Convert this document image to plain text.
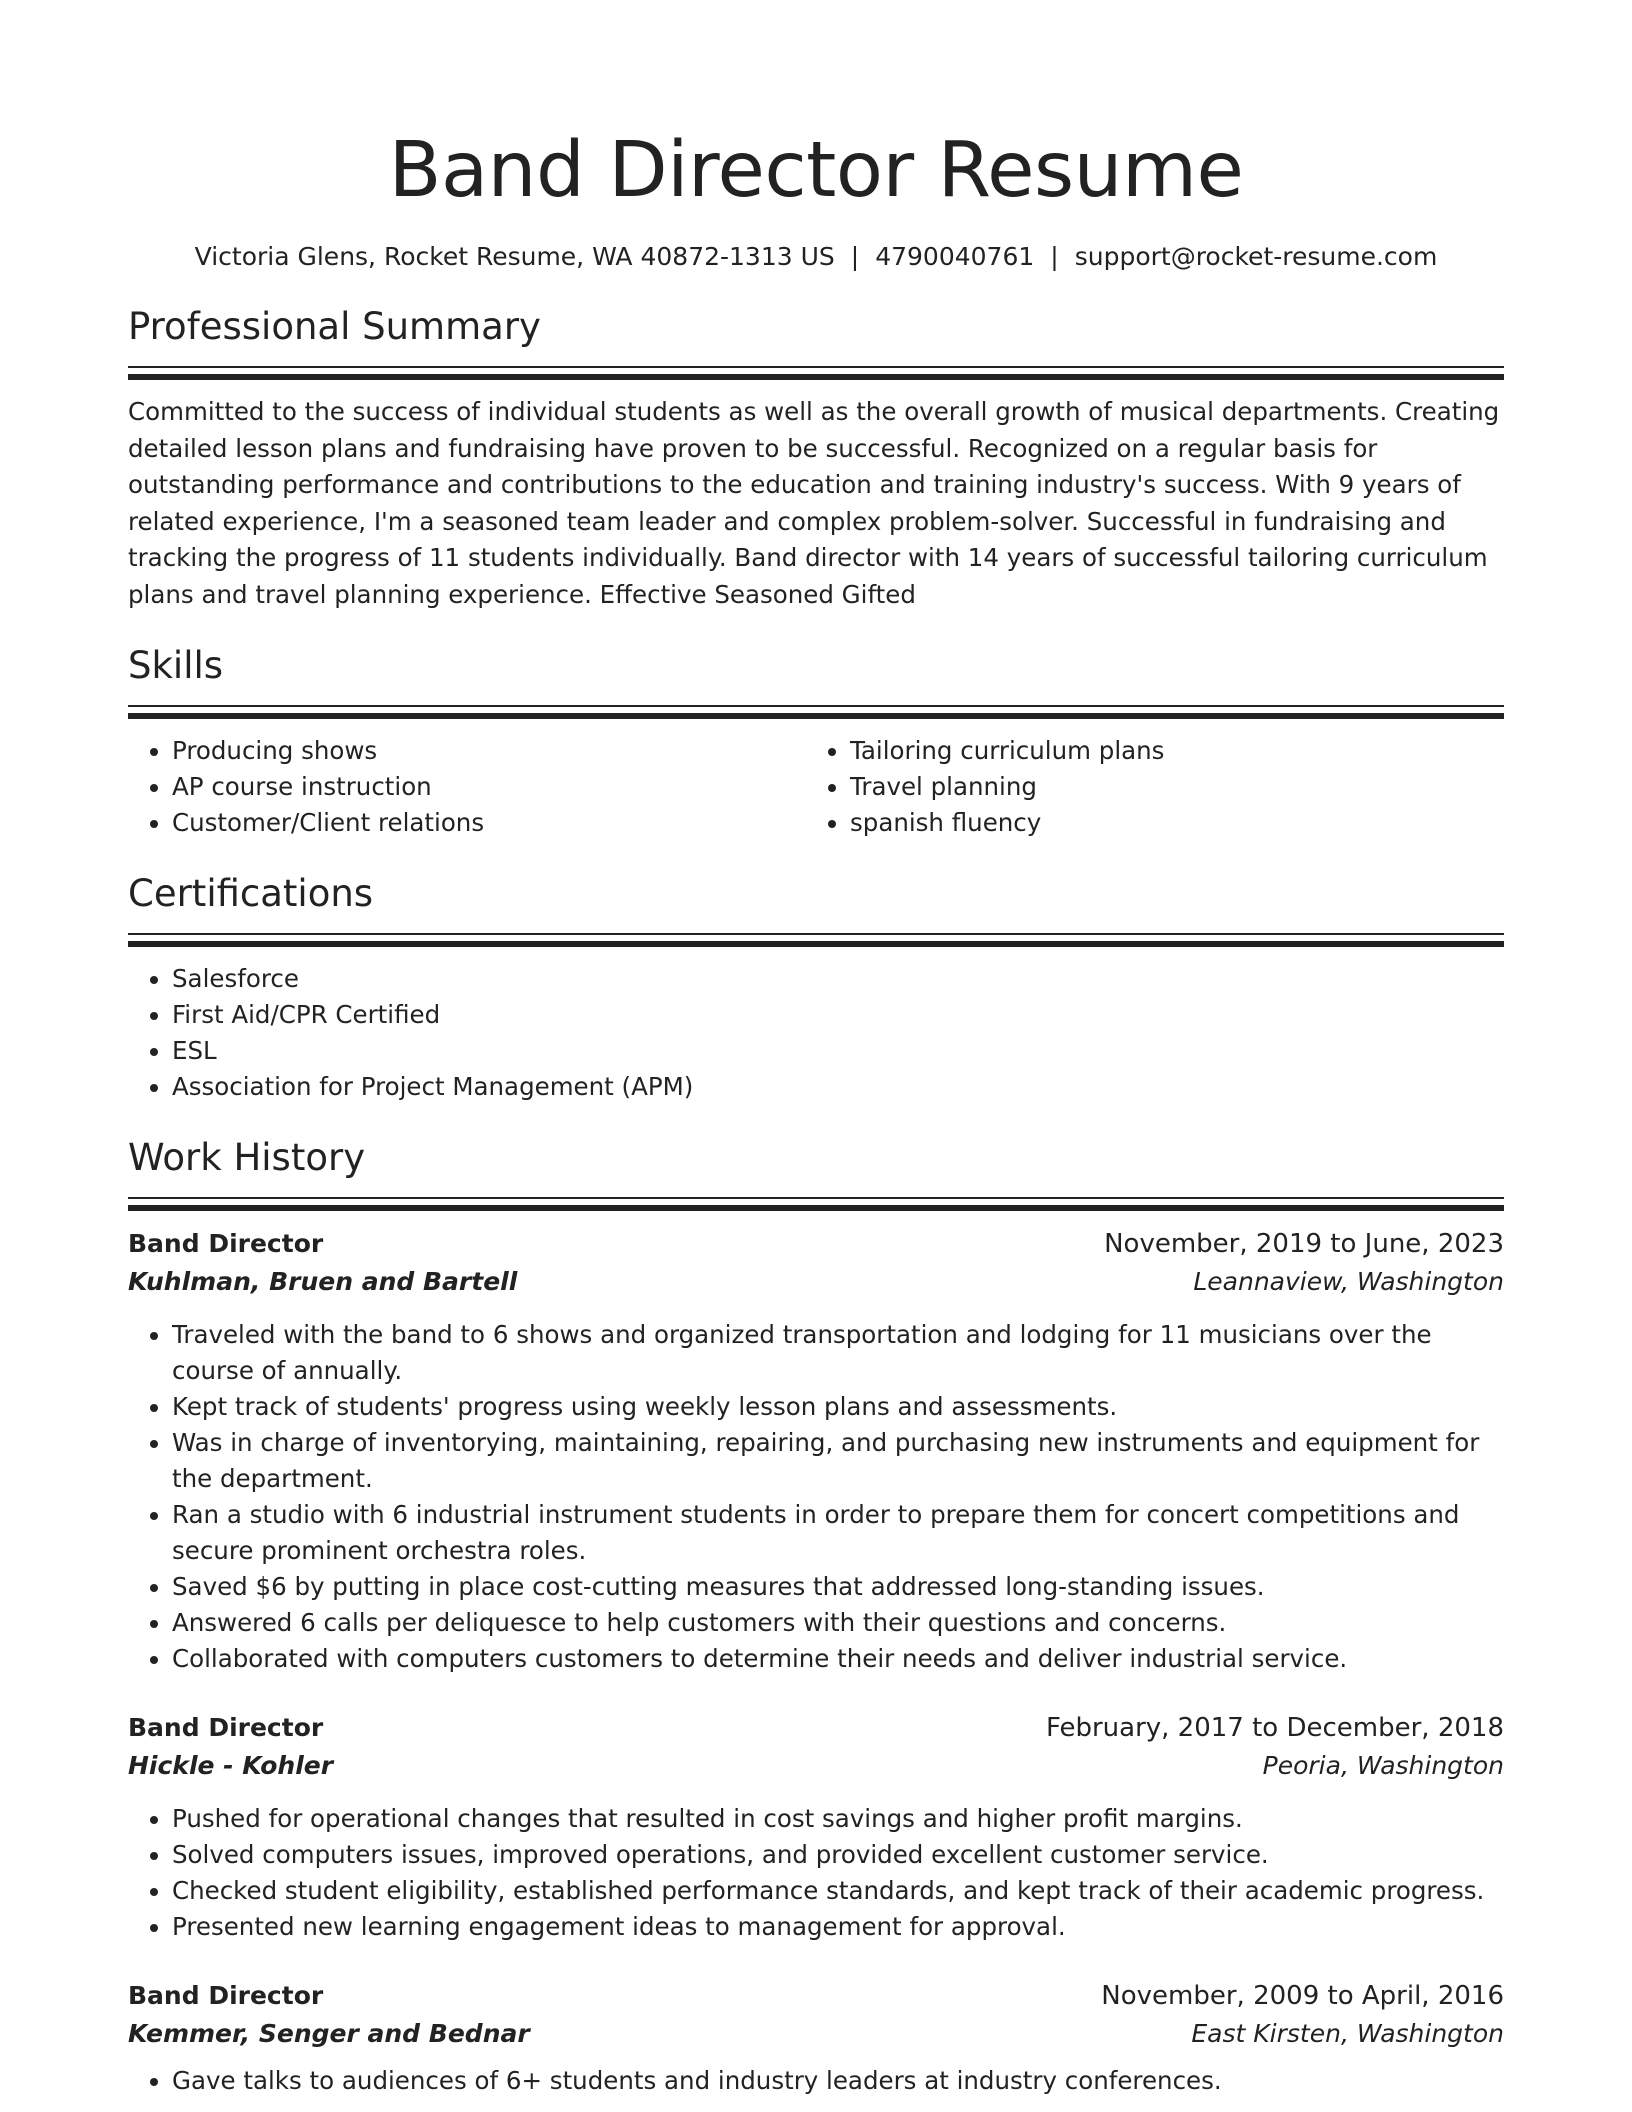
Band Director Resume
Victoria Glens, Rocket Resume, WA 40872-1313 US | 4790040761 | support@rocket-resume.com
Professional Summary
Committed to the success of individual students as well as the overall growth of musical departments. Creating detailed lesson plans and fundraising have proven to be successful. Recognized on a regular basis for outstanding performance and contributions to the education and training industry's success. With 9 years of related experience, I'm a seasoned team leader and complex problem-solver. Successful in fundraising and tracking the progress of 11 students individually. Band director with 14 years of successful tailoring curriculum plans and travel planning experience. Effective Seasoned Gifted
Skills
• Producing shows
• AP course instruction
• Customer/Client relations
• Tailoring curriculum plans
• Travel planning
• spanish fluency
Certifications
• Salesforce
• First Aid/CPR Certified
• ESL
• Association for Project Management (APM)
Work History
Band Director	November, 2019 to June, 2023
Kuhlman, Bruen and Bartell	Leannaview, Washington
• Traveled with the band to 6 shows and organized transportation and lodging for 11 musicians over the course of annually.
• Kept track of students' progress using weekly lesson plans and assessments.
• Was in charge of inventorying, maintaining, repairing, and purchasing new instruments and equipment for the department.
• Ran a studio with 6 industrial instrument students in order to prepare them for concert competitions and secure prominent orchestra roles.
• Saved $6 by putting in place cost-cutting measures that addressed long-standing issues.
• Answered 6 calls per deliquesce to help customers with their questions and concerns.
• Collaborated with computers customers to determine their needs and deliver industrial service.
Band Director	February, 2017 to December, 2018
Hickle - Kohler	Peoria, Washington
• Pushed for operational changes that resulted in cost savings and higher profit margins.
• Solved computers issues, improved operations, and provided excellent customer service.
• Checked student eligibility, established performance standards, and kept track of their academic progress.
• Presented new learning engagement ideas to management for approval.
Band Director	November, 2009 to April, 2016
Kemmer, Senger and Bednar	East Kirsten, Washington
• Gave talks to audiences of 6+ students and industry leaders at industry conferences.
